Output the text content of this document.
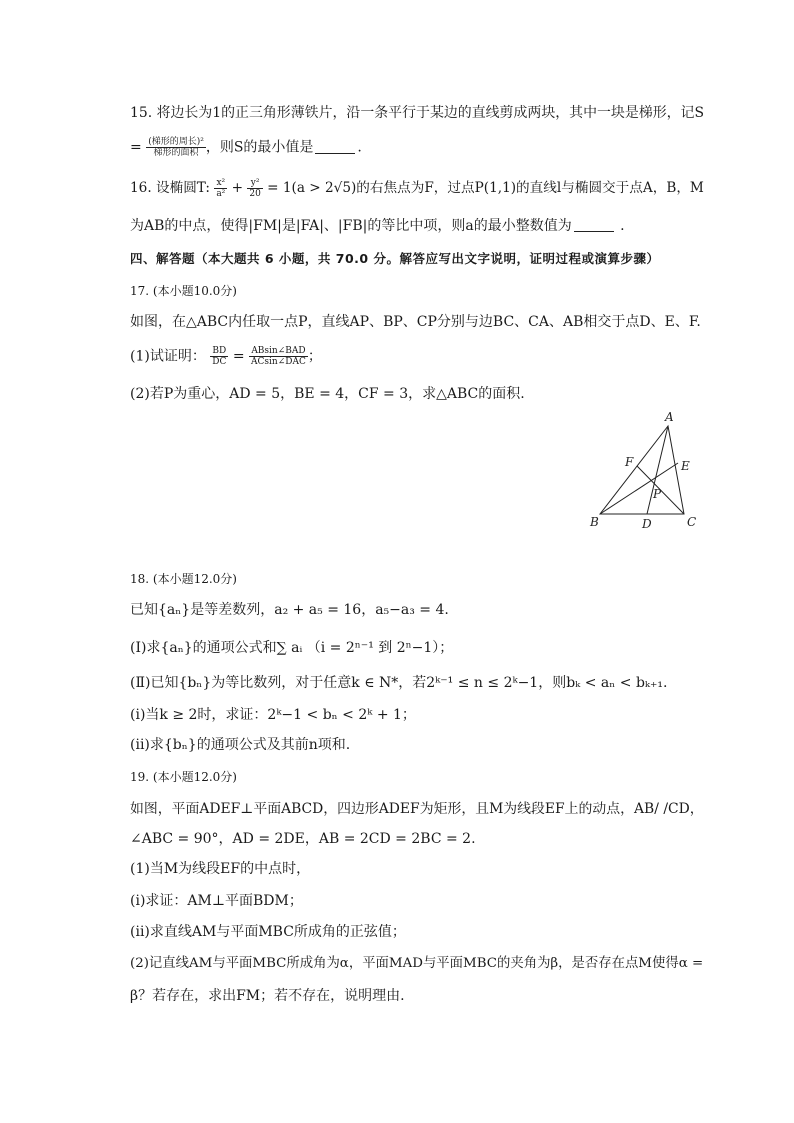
15. 将边长为1的正三角形薄铁片，沿一条平行于某边的直线剪成两块，其中一块是梯形，记S
= $\frac{\text{(梯形的周长)²}}{\text{梯形的面积}}$ ，则S的最小值是	.
16. 设椭圆T: $\frac{\text{x²}}{\text{a²}} + \frac{\text{y²}}{20} = 1(a > 2√5)$的右焦点为F，过点P(1,1)的直线l与椭圆交于点A，B，M
为AB的中点，使得|FM|是|FA|、|FB|的等比中项，则a的最小整数值为	.
四、解答题（本大题共 6 小题，共 70.0 分。解答应写出文字说明，证明过程或演算步骤）
17. (本小题10.0分)
如图，在△ABC内任取一点P，直线AP、BP、CP分别与边BC、CA、AB相交于点D、E、F.
(1)试证明： $\frac{BD}{DC} = \frac{\text{ABsin∠BAD}}{\text{ACsin∠DAC}}$ ；
(2)若P为重心，AD = 5，BE = 4，CF = 3，求△ABC的面积.
A
B	C
D
E
F
P
18. (本小题12.0分)
已知{aₙ}是等差数列，a₂ + a₅ = 16，a₅−a₃ = 4.
(Ⅰ)求{aₙ}的通项公式和∑ aᵢ （i = 2ⁿ⁻¹ 到 2ⁿ−1）；
(Ⅱ)已知{bₙ}为等比数列，对于任意k ∈ N*，若2ᵏ⁻¹ ≤ n ≤ 2ᵏ−1，则bₖ < aₙ < bₖ₊₁.
(i)当k ≥ 2时，求证：2ᵏ−1 < bₙ < 2ᵏ + 1；
(ii)求{bₙ}的通项公式及其前n项和.
19. (本小题12.0分)
如图，平面ADEF⊥平面ABCD，四边形ADEF为矩形，且M为线段EF上的动点，AB/ /CD，
∠ABC = 90°，AD = 2DE，AB = 2CD = 2BC = 2.
(1)当M为线段EF的中点时，
(ⅰ)求证：AM⊥平面BDM；
(ⅱ)求直线AM与平面MBC所成角的正弦值；
(2)记直线AM与平面MBC所成角为α，平面MAD与平面MBC的夹角为β，是否存在点M使得α =
β？若存在，求出FM；若不存在，说明理由.
